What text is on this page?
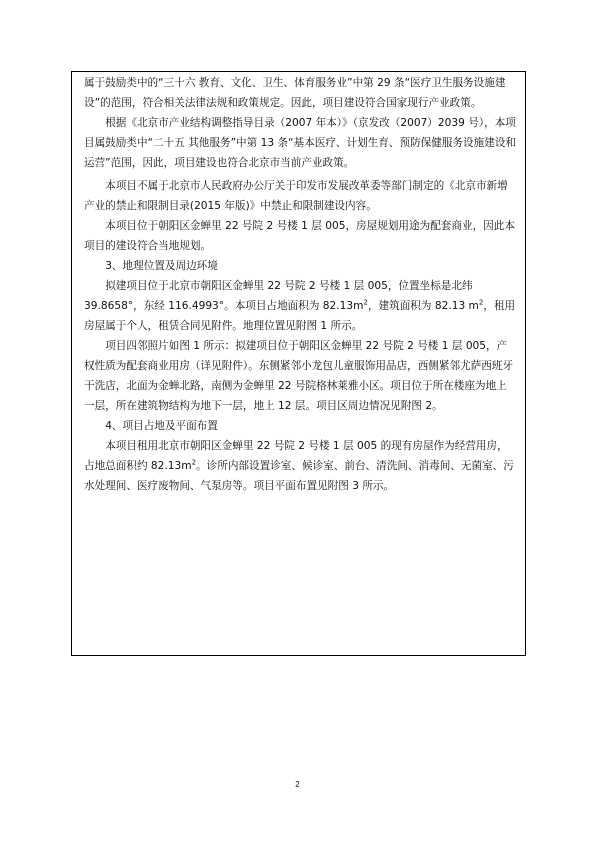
属于鼓励类中的“三十六 教育、文化、卫生、体育服务业”中第 29 条“医疗卫生服务设施建设”的范围，符合相关法律法规和政策规定。因此，项目建设符合国家现行产业政策。

根据《北京市产业结构调整指导目录（2007 年本）》（京发改（2007）2039 号），本项目属鼓励类中“二十五 其他服务”中第 13 条“基本医疗、计划生育、预防保健服务设施建设和运营”范围，因此，项目建设也符合北京市当前产业政策。

本项目不属于北京市人民政府办公厅关于印发市发展改革委等部门制定的《北京市新增产业的禁止和限制目录(2015 年版)》中禁止和限制建设内容。

本项目位于朝阳区金蝉里 22 号院 2 号楼 1 层 005，房屋规划用途为配套商业，因此本项目的建设符合当地规划。

3、地理位置及周边环境

拟建项目位于北京市朝阳区金蝉里 22 号院 2 号楼 1 层 005，位置坐标是北纬 39.8658°，东经 116.4993°。本项目占地面积为 $82.13m^2$，建筑面积为 82.13 $m^2$，租用房屋属于个人，租赁合同见附件。地理位置见附图 1 所示。

项目四邻照片如图 1 所示：拟建项目位于朝阳区金蝉里 22 号院 2 号楼 1 层 005，产权性质为配套商业用房（详见附件）。东侧紧邻小龙包儿童服饰用品店，西侧紧邻尤萨西班牙干洗店，北面为金蝉北路，南侧为金蝉里 22 号院格林莱雅小区。项目位于所在楼座为地上一层，所在建筑物结构为地下一层，地上 12 层。项目区周边情况见附图 2。

4、项目占地及平面布置

本项目租用北京市朝阳区金蝉里 22 号院 2 号楼 1 层 005 的现有房屋作为经营用房，占地总面积约 $82.13m^2$。诊所内部设置诊室、候诊室、前台、清洗间、消毒间、无菌室、污水处理间、医疗废物间、气泵房等。项目平面布置见附图 3 所示。

2
